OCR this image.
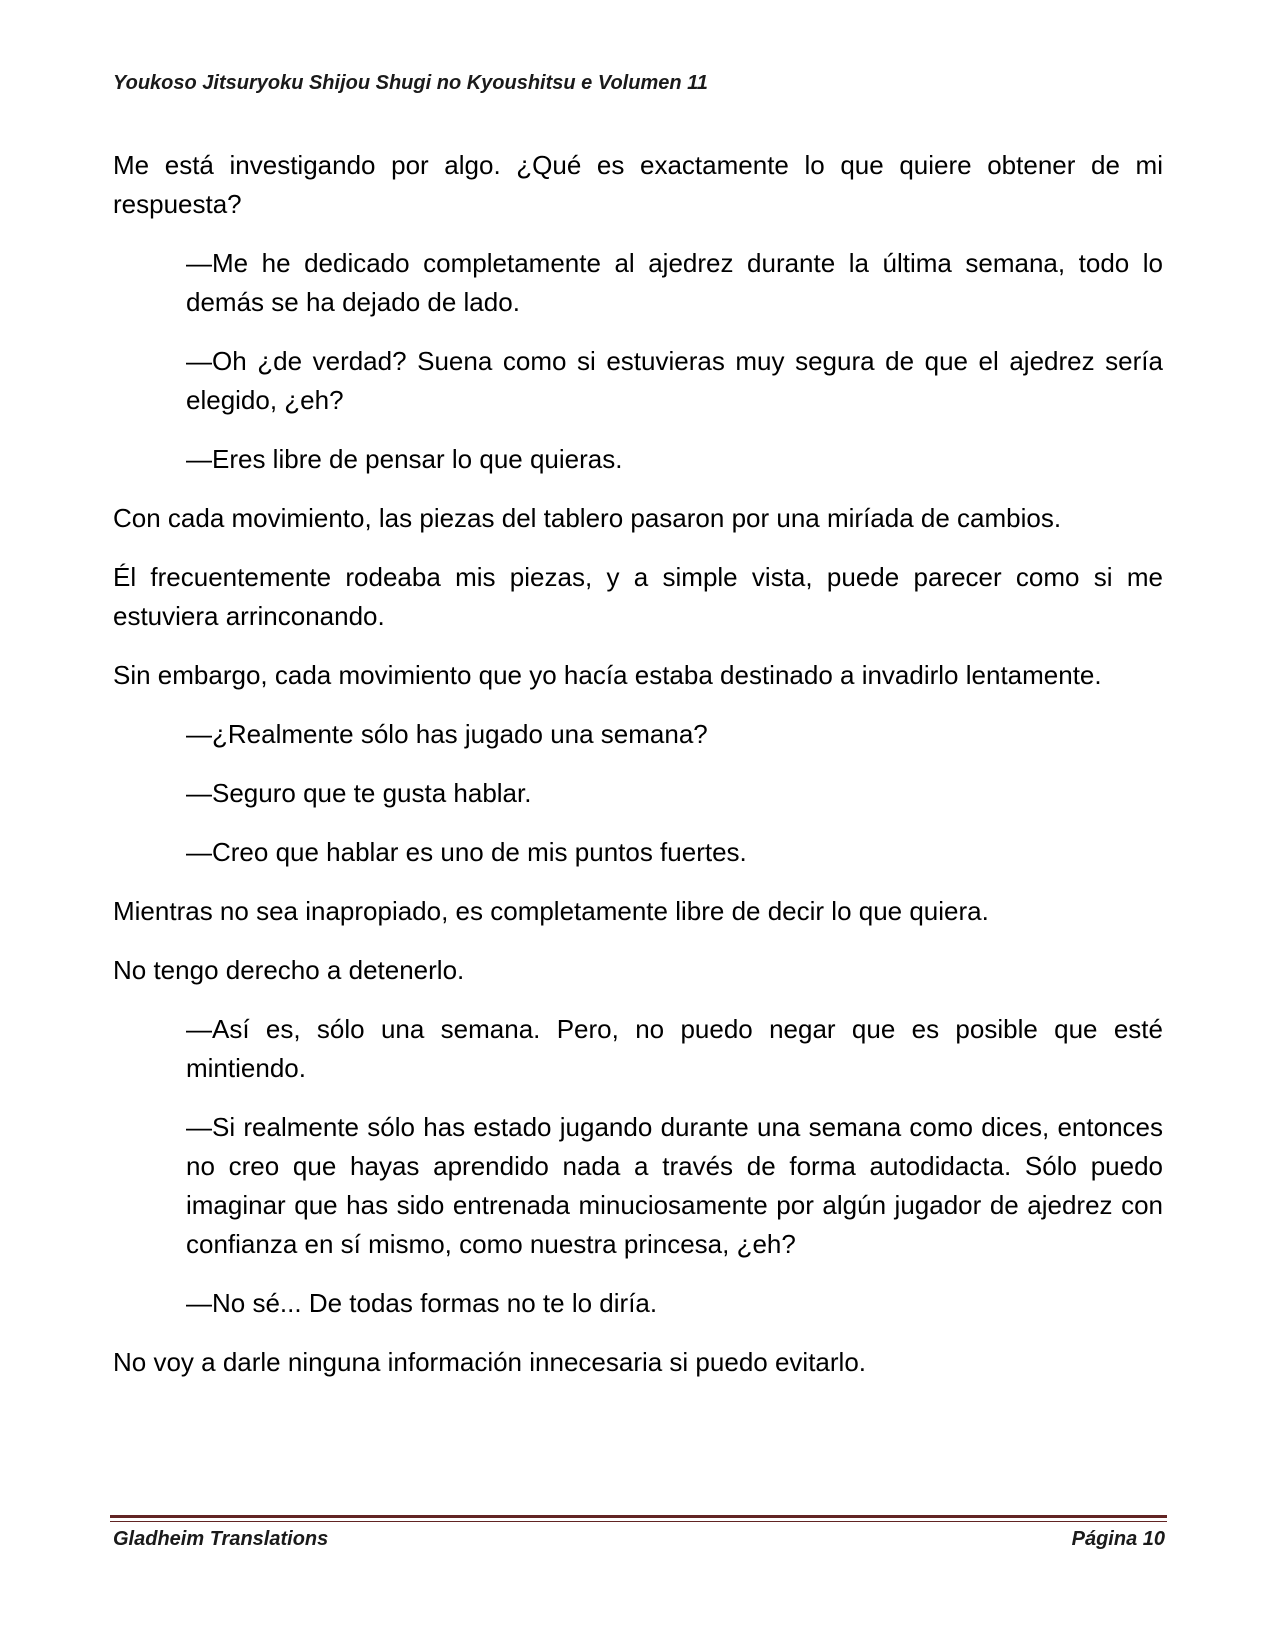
Youkoso Jitsuryoku Shijou Shugi no Kyoushitsu e Volumen 11

Me está investigando por algo. ¿Qué es exactamente lo que quiere obtener de mi respuesta?

—Me he dedicado completamente al ajedrez durante la última semana, todo lo demás se ha dejado de lado.

—Oh ¿de verdad? Suena como si estuvieras muy segura de que el ajedrez sería elegido, ¿eh?

—Eres libre de pensar lo que quieras.

Con cada movimiento, las piezas del tablero pasaron por una miríada de cambios.

Él frecuentemente rodeaba mis piezas, y a simple vista, puede parecer como si me estuviera arrinconando.

Sin embargo, cada movimiento que yo hacía estaba destinado a invadirlo lentamente.

—¿Realmente sólo has jugado una semana?

—Seguro que te gusta hablar.

—Creo que hablar es uno de mis puntos fuertes.

Mientras no sea inapropiado, es completamente libre de decir lo que quiera.

No tengo derecho a detenerlo.

—Así es, sólo una semana. Pero, no puedo negar que es posible que esté mintiendo.

—Si realmente sólo has estado jugando durante una semana como dices, entonces no creo que hayas aprendido nada a través de forma autodidacta. Sólo puedo imaginar que has sido entrenada minuciosamente por algún jugador de ajedrez con confianza en sí mismo, como nuestra princesa, ¿eh?

—No sé... De todas formas no te lo diría.

No voy a darle ninguna información innecesaria si puedo evitarlo.

Gladheim Translations	Página 10
